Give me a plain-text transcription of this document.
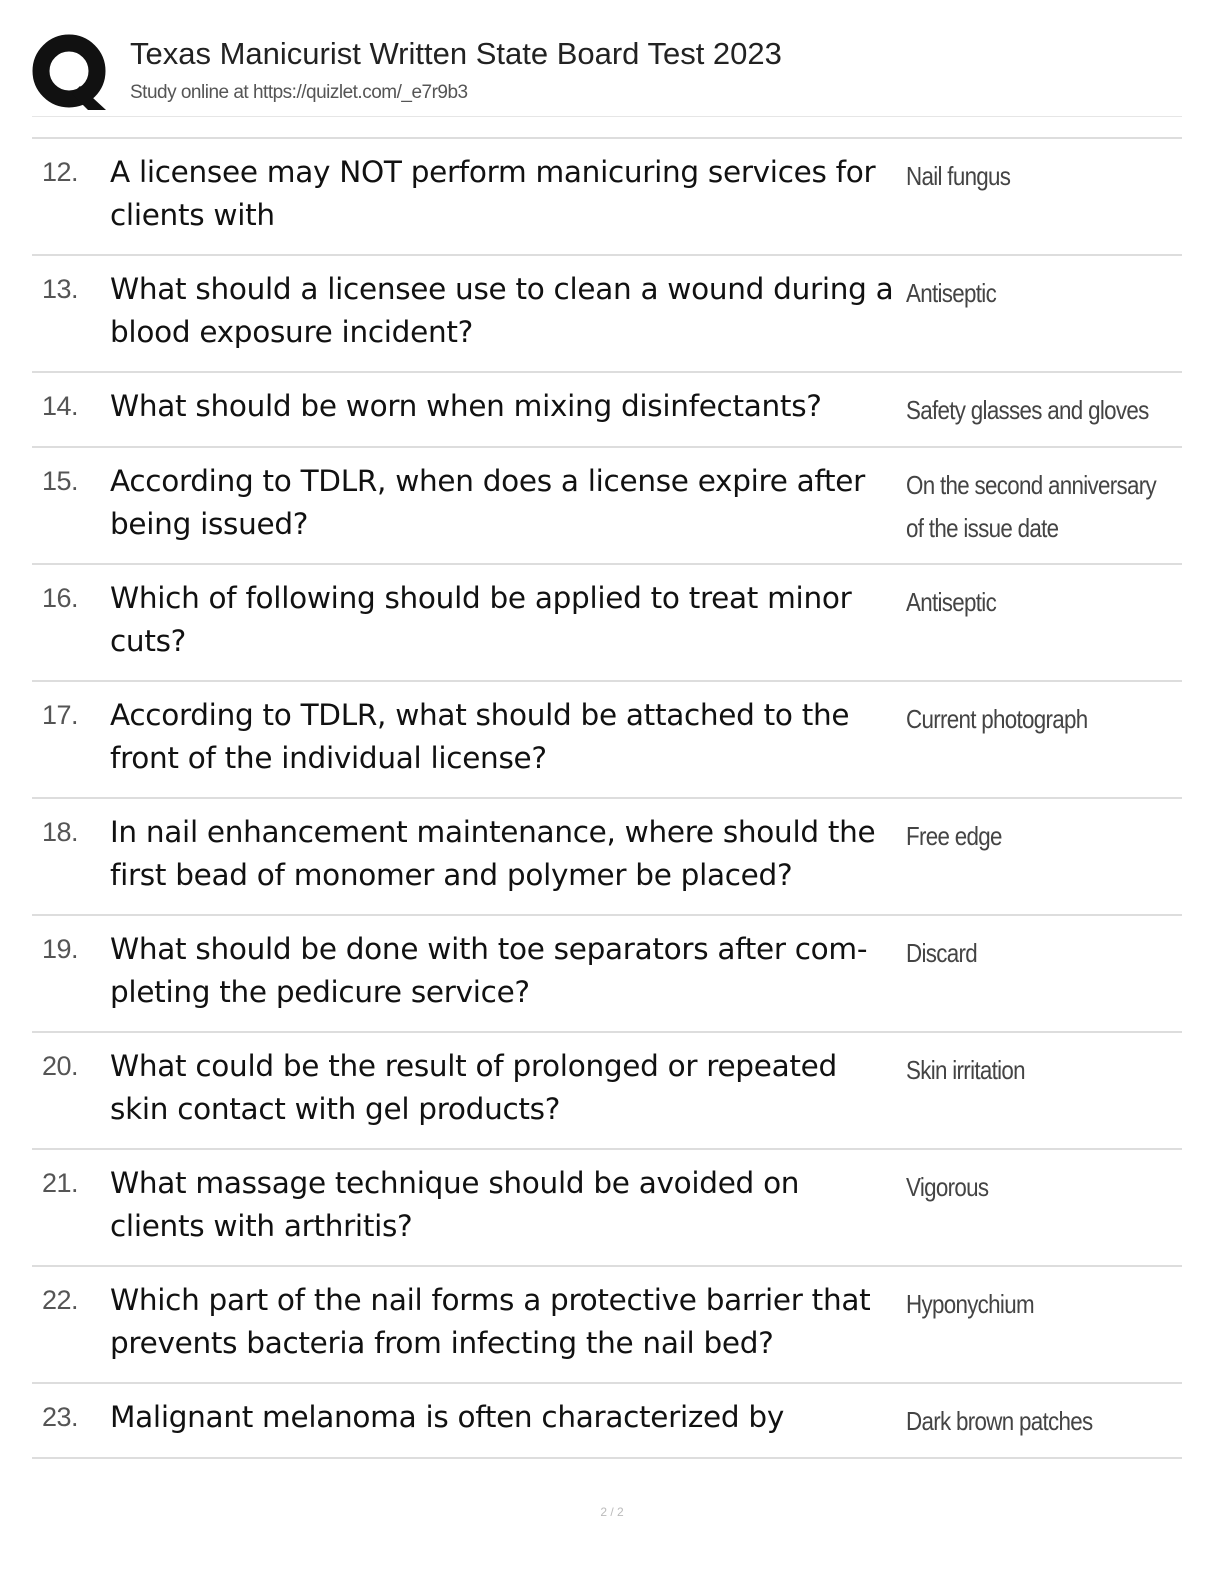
Texas Manicurist Written State Board Test 2023
Study online at https://quizlet.com/_e7r9b3
12. A licensee may NOT perform manicuring services for clients with
Nail fungus
13. What should a licensee use to clean a wound during a blood exposure incident?
Antiseptic
14. What should be worn when mixing disinfectants?	Safety glasses and gloves
15. According to TDLR, when does a license expire after being issued?
On the second anniversary of the issue date
16. Which of following should be applied to treat minor cuts?
Antiseptic
17. According to TDLR, what should be attached to the front of the individual license?
Current photograph
18. In nail enhancement maintenance, where should the first bead of monomer and polymer be placed?
Free edge
19. What should be done with toe separators after com-pleting the pedicure service?
Discard
20. What could be the result of prolonged or repeated skin contact with gel products?
Skin irritation
21. What massage technique should be avoided on clients with arthritis?
Vigorous
22. Which part of the nail forms a protective barrier that prevents bacteria from infecting the nail bed?
Hyponychium
23. Malignant melanoma is often characterized by	Dark brown patches
2 / 2
